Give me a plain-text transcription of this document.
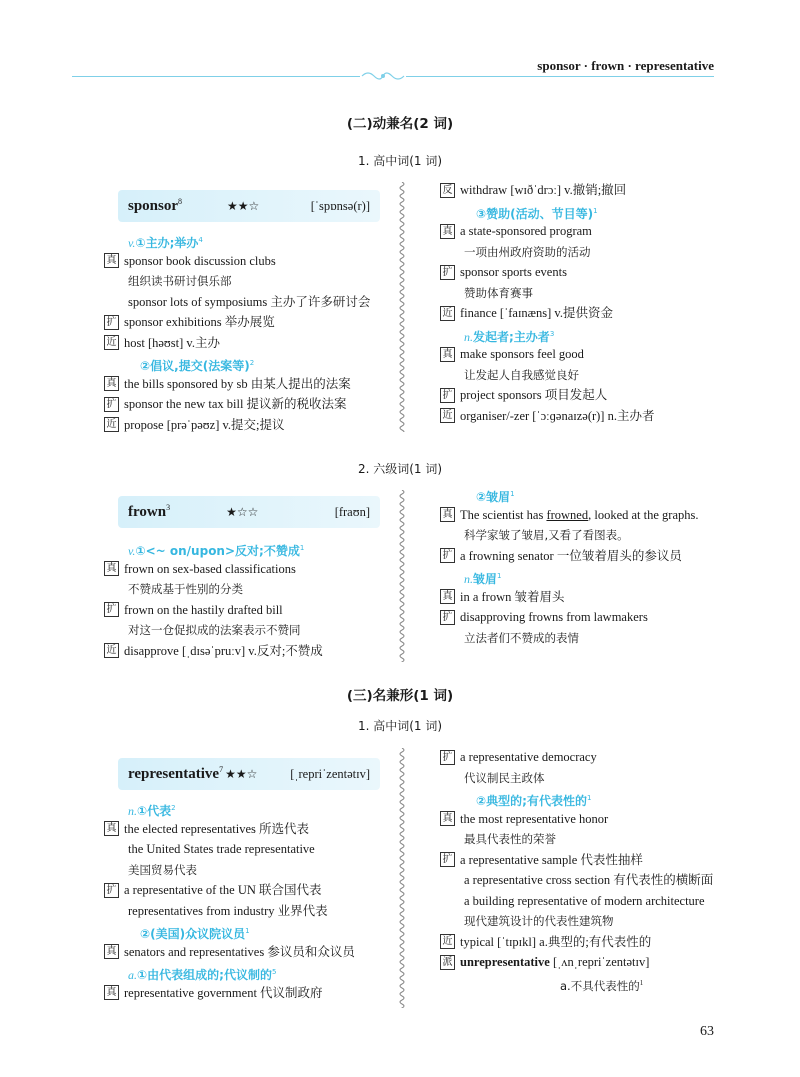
sponsor · frown · representative
(二)动兼名(2 词)
1. 高中词(1 词)
sponsor$^8$	★★☆	[ˈspɒnsə(r)]
v.①主办;举办$^4$
真 sponsor book discussion clubs
组织读书研讨俱乐部
sponsor lots of symposiums 主办了许多研讨会
扩 sponsor exhibitions 举办展览
近 host [həʊst] v.主办
②倡议,提交(法案等)$^2$
真 the bills sponsored by sb 由某人提出的法案
扩 sponsor the new tax bill 提议新的税收法案
近 propose [prəˈpəʊz] v.提交;提议
反 withdraw [wɪðˈdrɔː] v.撤销;撤回
③赞助(活动、节目等)$^1$
真 a state-sponsored program
一项由州政府资助的活动
扩 sponsor sports events
赞助体育赛事
近 finance [ˈfaɪnæns] v.提供资金
n.发起者;主办者$^3$
真 make sponsors feel good
让发起人自我感觉良好
扩 project sponsors 项目发起人
近 organiser/-zer [ˈɔːɡənaɪzə(r)] n.主办者
2. 六级词(1 词)
frown$^3$	★☆☆	[fraʊn]
v.①<~ on/upon>反对;不赞成$^1$
真 frown on sex-based classifications
不赞成基于性别的分类
扩 frown on the hastily drafted bill
对这一仓促拟成的法案表示不赞同
近 disapprove [ˌdɪsəˈpruːv] v.反对;不赞成
②皱眉$^1$
真 The scientist has frowned, looked at the graphs.
科学家皱了皱眉,又看了看图表。
扩 a frowning senator 一位皱着眉头的参议员
n.皱眉$^1$
真 in a frown 皱着眉头
扩 disapproving frowns from lawmakers
立法者们不赞成的表情
(三)名兼形(1 词)
1. 高中词(1 词)
representative$^7$ ★★☆	[ˌrepriˈzentətɪv]
n.①代表$^2$
真 the elected representatives 所选代表
the United States trade representative
美国贸易代表
扩 a representative of the UN 联合国代表
representatives from industry 业界代表
②(美国)众议院议员$^1$
真 senators and representatives 参议员和众议员
a.①由代表组成的;代议制的$^5$
真 representative government 代议制政府
扩 a representative democracy
代议制民主政体
②典型的;有代表性的$^1$
真 the most representative honor
最具代表性的荣誉
扩 a representative sample 代表性抽样
a representative cross section 有代表性的横断面
a building representative of modern architecture
现代建筑设计的代表性建筑物
近 typical [ˈtɪpɪkl] a.典型的;有代表性的
派 unrepresentative [ˌʌnˌrepriˈzentətɪv]
a.不具代表性的$^1$
63
